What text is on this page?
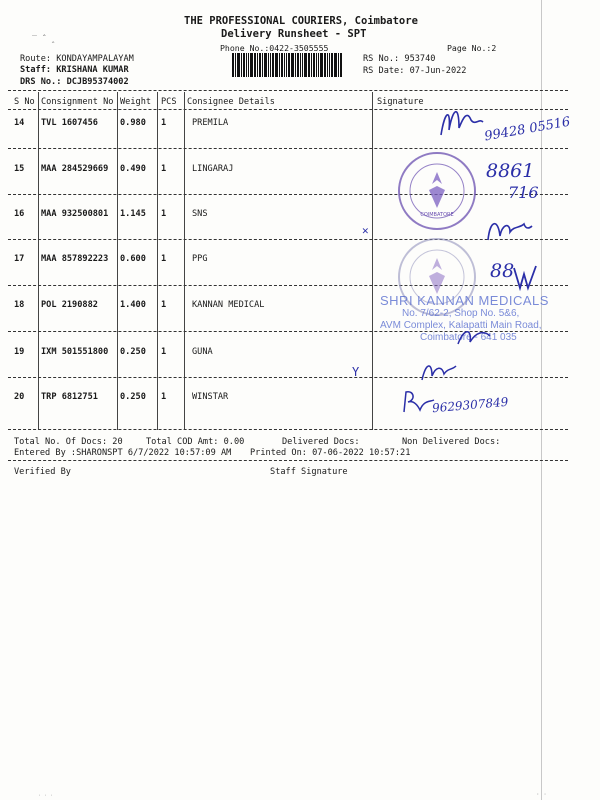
‾ ˆ ‸
THE PROFESSIONAL COURIERS, Coimbatore
Delivery Runsheet - SPT
Phone No.:0422-3505555	Page No.:2
Route: KONDAYAMPALAYAM
Staff: KRISHANA KUMAR
DRS No.: DCJB95374002
RS No.: 953740
RS Date: 07-Jun-2022
S No Consignment No Weight PCS Consignee Details	Signature
14 TVL 1607456	0.980 1	PREMILA
15 MAA 284529669 0.490 1	LINGARAJ
16 MAA 932500801 1.145 1	SNS
17 MAA 857892223 0.600 1	PPG
18 POL 2190882	1.400 1	KANNAN MEDICAL
19 IXM 501551800 0.250 1	GUNA
20 TRP 6812751	0.250 1	WINSTAR
Total No. Of Docs: 20	Total COD Amt: 0.00	Delivered Docs:	Non Delivered Docs:
Entered By :SHARONSPT 6/7/2022 10:57:09 AM Printed On: 07-06-2022 10:57:21
Verified By	Staff Signature
COIMBATORE
SHRI KANNAN MEDICALS
No. 7/62-2, Shop No. 5&6,
AVM Complex, Kalapatti Main Road,
Coimbatore - 641 035
99428 05516
8861
716
✕
88
Y
9629307849
· · ·	· ·
